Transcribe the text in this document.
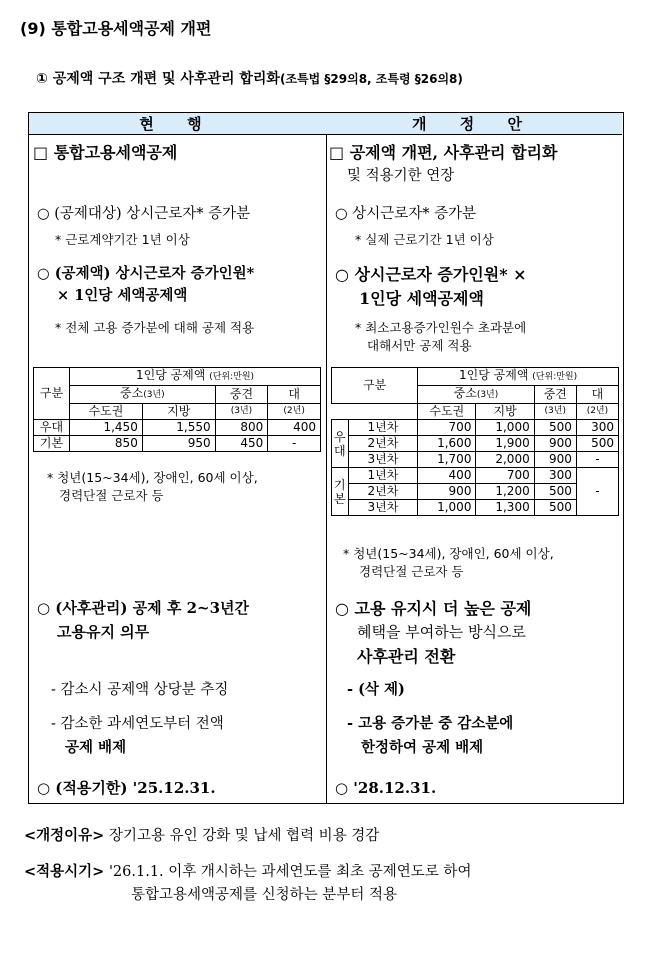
(9) 통합고용세액공제 개편
① 공제액 구조 개편 및 사후관리 합리화(조특법 §29의8, 조특령 §26의8)
현 행	개 정 안
□ 통합고용세액공제
○ (공제대상) 상시근로자* 증가분
* 근로계약기간 1년 이상
○ (공제액) 상시근로자 증가인원*
× 1인당 세액공제액
* 전체 고용 증가분에 대해 공제 적용
구분	1인당 공제액 (단위:만원)			
	중소(3년)		중견	대
	수도권	지방	(3년)	(2년)
우대	1,450	1,550	800	400
기본	850	950	450	-
* 청년(15~34세), 장애인, 60세 이상,
경력단절 근로자 등
○ (사후관리) 공제 후 2~3년간
고용유지 의무
- 감소시 공제액 상당분 추징
- 감소한 과세연도부터 전액
공제 배제
○ (적용기한) '25.12.31.
□ 공제액 개편, 사후관리 합리화
및 적용기한 연장
○ 상시근로자* 증가분
* 실제 근로기간 1년 이상
○ 상시근로자 증가인원* ×
1인당 세액공제액
* 최소고용증가인원수 초과분에
대해서만 공제 적용
구분		1인당 공제액 (단위:만원)			
		중소(3년)		중견	대
		수도권	지방	(3년)	(2년)
우대	1년차	700	1,000	500	300
	2년차	1,600	1,900	900	500
	3년차	1,700	2,000	900	-
기본	1년차	400	700	300	-
	2년차	900	1,200	500	
	3년차	1,000	1,300	500	
* 청년(15~34세), 장애인, 60세 이상,
경력단절 근로자 등
○ 고용 유지시 더 높은 공제
혜택을 부여하는 방식으로
사후관리 전환
- (삭 제)
- 고용 증가분 중 감소분에
한정하여 공제 배제
○ '28.12.31.
<개정이유> 장기고용 유인 강화 및 납세 협력 비용 경감
<적용시기> '26.1.1. 이후 개시하는 과세연도를 최초 공제연도로 하여
통합고용세액공제를 신청하는 분부터 적용
